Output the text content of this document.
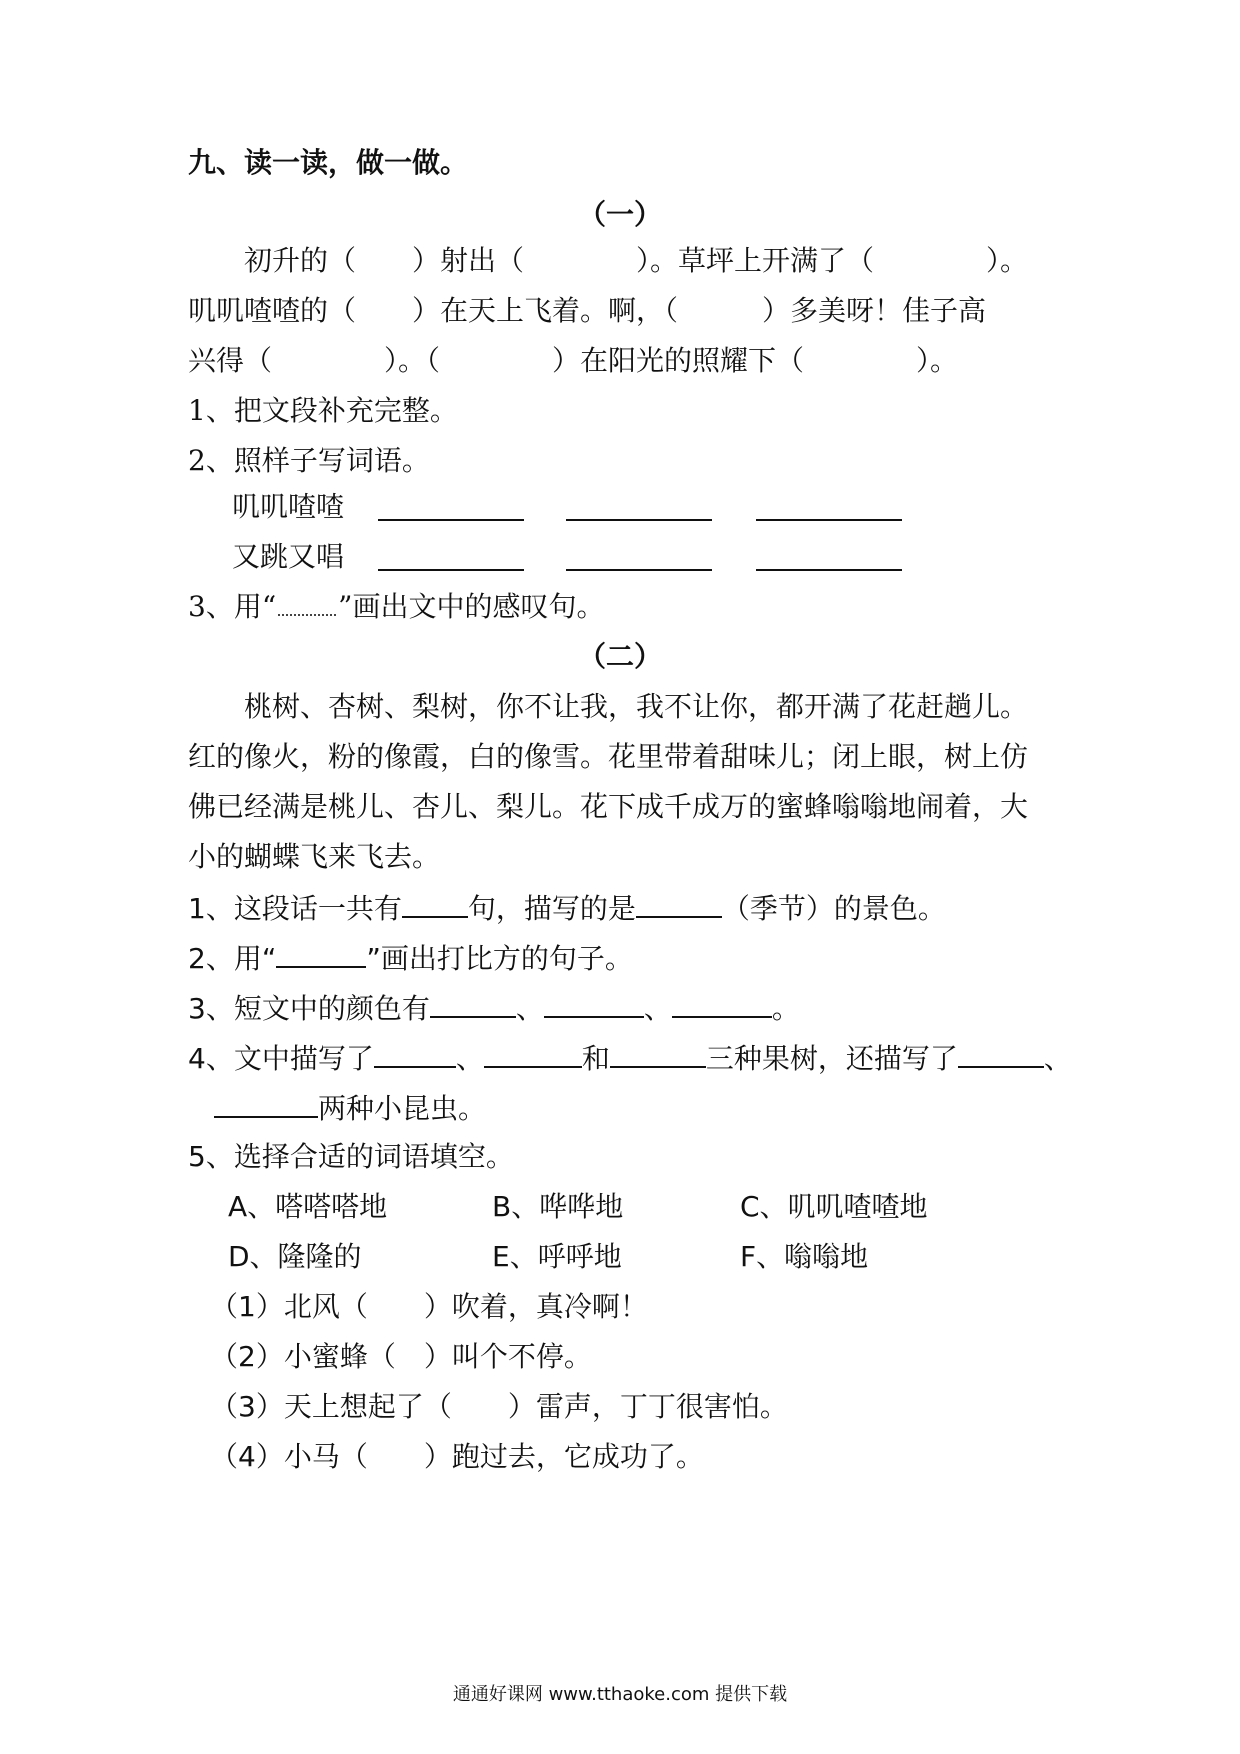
九、读一读，做一做。
（一）
初升的（　　）射出（　　　　）。草坪上开满了（　　　　）。
叽叽喳喳的（　　）在天上飞着。啊，（　　　）多美呀！佳子高
兴得（　　　　）。（　　　　）在阳光的照耀下（　　　　）。
1、把文段补充完整。
2、照样子写词语。
叽叽喳喳
又跳又唱
3、用“ ”画出文中的感叹句。
（二）
桃树、杏树、梨树，你不让我，我不让你，都开满了花赶趟儿。
红的像火，粉的像霞，白的像雪。花里带着甜味儿；闭上眼，树上仿
佛已经满是桃儿、杏儿、梨儿。花下成千成万的蜜蜂嗡嗡地闹着，大
小的蝴蝶飞来飞去。
1、这段话一共有 句，描写的是	（季节）的景色。
2、用“	”画出打比方的句子。
3、短文中的颜色有	、	、	。
4、文中描写了	、	和	三种果树，还描写了	、
两种小昆虫。
5、选择合适的词语填空。
A、嗒嗒嗒地	B、哗哗地	C、叽叽喳喳地
D、隆隆的	E、呼呼地	F、嗡嗡地
（1）北风（　　）吹着，真冷啊！
（2）小蜜蜂（　）叫个不停。
（3）天上想起了（　　）雷声，丁丁很害怕。
（4）小马（　　）跑过去，它成功了。
通通好课网 www.tthaoke.com 提供下载
